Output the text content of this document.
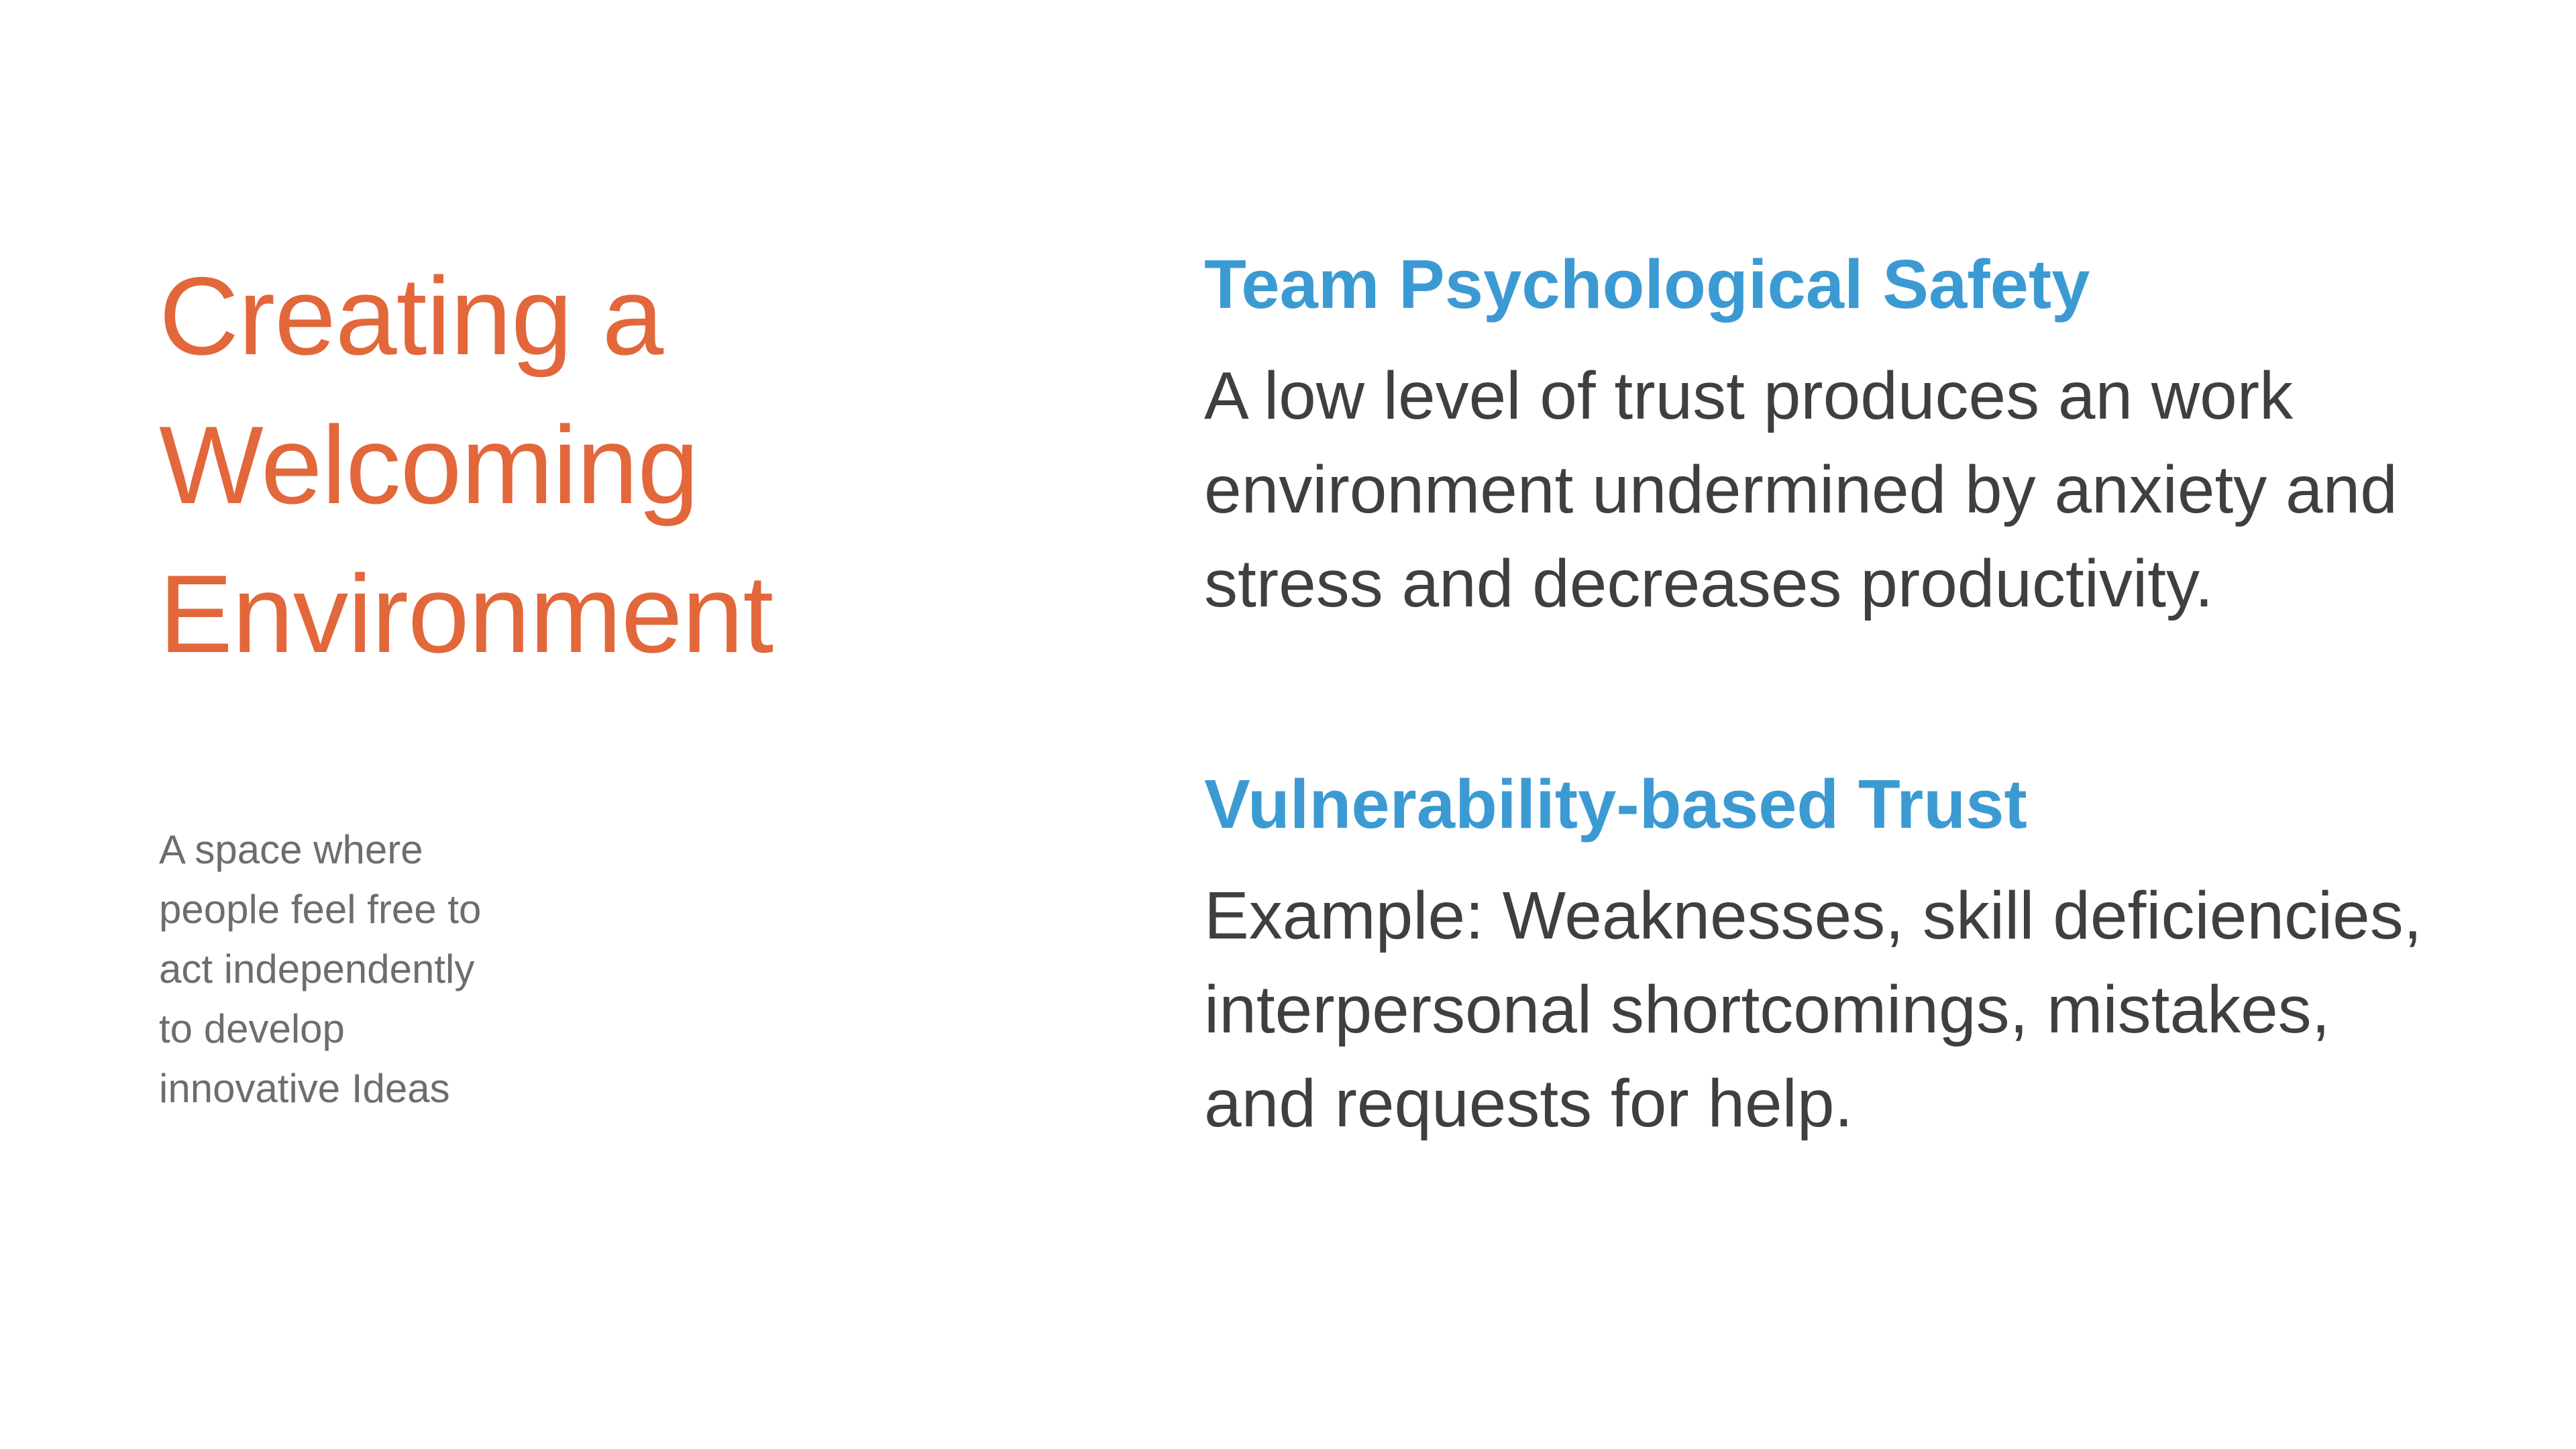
Creating a
Welcoming
Environment

A space where
people feel free to
act independently
to develop
innovative Ideas

Team Psychological Safety

A low level of trust produces an work
environment undermined by anxiety and
stress and decreases productivity.

Vulnerability-based Trust

Example: Weaknesses, skill deficiencies,
interpersonal shortcomings, mistakes,
and requests for help.
